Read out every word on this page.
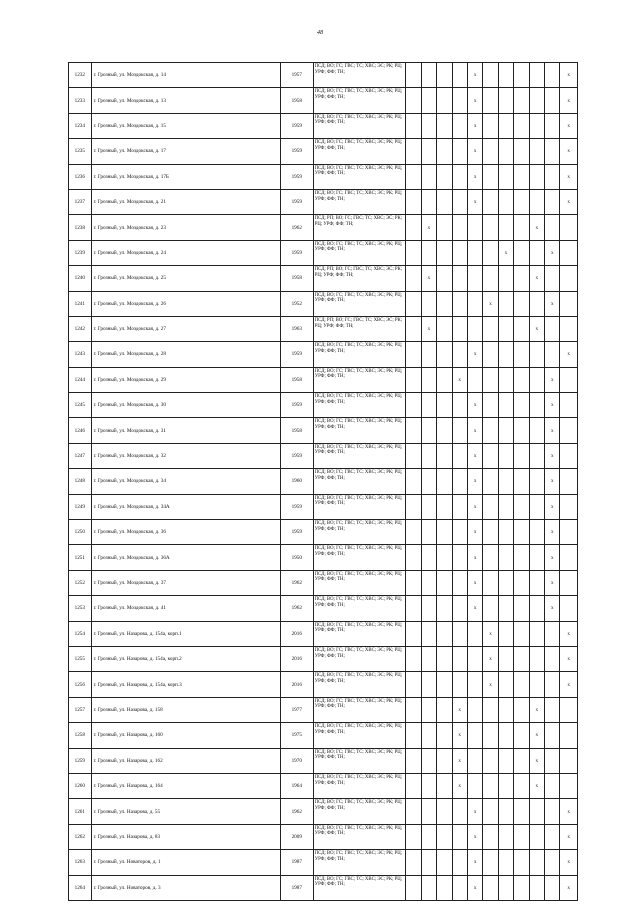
48
1232	г. Грозный, ул. Моздокская, д. 14	1957	ПСД; ВО; ГС; ГВС; ТС; ХВС; ЭС; РК; РЦ; УРФ; ФФ; ТН;					x						x
1233	г. Грозный, ул. Моздокская, д. 13	1958	ПСД; ВО; ГС; ГВС; ТС; ХВС; ЭС; РК; РЦ; УРФ; ФФ; ТН;					x						x
1234	г. Грозный, ул. Моздокская, д. 15	1959	ПСД; ВО; ГС; ГВС; ТС; ХВС; ЭС; РК; РЦ; УРФ; ФФ; ТН;					x						x
1235	г. Грозный, ул. Моздокская, д. 17	1959	ПСД; ВО; ГС; ГВС; ТС; ХВС; ЭС; РК; РЦ; УРФ; ФФ; ТН;					x						x
1236	г. Грозный, ул. Моздокская, д. 17Б	1959	ПСД; ВО; ГС; ГВС; ТС; ХВС; ЭС; РК; РЦ; УРФ; ФФ; ТН;					x						x
1237	г. Грозный, ул. Моздокская, д. 21	1959	ПСД; ВО; ГС; ГВС; ТС; ХВС; ЭС; РК; РЦ; УРФ; ФФ; ТН;					x						x
1238	г. Грозный, ул. Моздокская, д. 23	1962	ПСД; РП; ВО; ГС; ГВС; ТС; ХВС; ЭС; РК; РЦ; УРФ; ФФ; ТН;		x							x		
1239	г. Грозный, ул. Моздокская, д. 24	1959	ПСД; ВО; ГС; ГВС; ТС; ХВС; ЭС; РК; РЦ; УРФ; ФФ; ТН;							x			x	
1240	г. Грозный, ул. Моздокская, д. 25	1958	ПСД; РП; ВО; ГС; ГВС; ТС; ХВС; ЭС; РК; РЦ; УРФ; ФФ; ТН;		x							x		
1241	г. Грозный, ул. Моздокская, д. 26	1952	ПСД; ВО; ГС; ГВС; ТС; ХВС; ЭС; РК; РЦ; УРФ; ФФ; ТН;						x				x	
1242	г. Грозный, ул. Моздокская, д. 27	1963	ПСД; РП; ВО; ГС; ГВС; ТС; ХВС; ЭС; РК; РЦ; УРФ; ФФ; ТН;		x							x		
1243	г. Грозный, ул. Моздокская, д. 28	1959	ПСД; ВО; ГС; ГВС; ТС; ХВС; ЭС; РК; РЦ; УРФ; ФФ; ТН;					x						x
1244	г. Грозный, ул. Моздокская, д. 29	1958	ПСД; ВО; ГС; ГВС; ТС; ХВС; ЭС; РК; РЦ; УРФ; ФФ; ТН;				x						x	
1245	г. Грозный, ул. Моздокская, д. 30	1959	ПСД; ВО; ГС; ГВС; ТС; ХВС; ЭС; РК; РЦ; УРФ; ФФ; ТН;					x					x	
1246	г. Грозный, ул. Моздокская, д. 31	1958	ПСД; ВО; ГС; ГВС; ТС; ХВС; ЭС; РК; РЦ; УРФ; ФФ; ТН;					x					x	
1247	г. Грозный, ул. Моздокская, д. 32	1959	ПСД; ВО; ГС; ГВС; ТС; ХВС; ЭС; РК; РЦ; УРФ; ФФ; ТН;					x					x	
1248	г. Грозный, ул. Моздокская, д. 34	1960	ПСД; ВО; ГС; ГВС; ТС; ХВС; ЭС; РК; РЦ; УРФ; ФФ; ТН;					x					x	
1249	г. Грозный, ул. Моздокская, д. 34А	1959	ПСД; ВО; ГС; ГВС; ТС; ХВС; ЭС; РК; РЦ; УРФ; ФФ; ТН;					x					x	
1250	г. Грозный, ул. Моздокская, д. 36	1959	ПСД; ВО; ГС; ГВС; ТС; ХВС; ЭС; РК; РЦ; УРФ; ФФ; ТН;					x					x	
1251	г. Грозный, ул. Моздокская, д. 36А	1950	ПСД; ВО; ГС; ГВС; ТС; ХВС; ЭС; РК; РЦ; УРФ; ФФ; ТН;					x					x	
1252	г. Грозный, ул. Моздокская, д. 37	1962	ПСД; ВО; ГС; ГВС; ТС; ХВС; ЭС; РК; РЦ; УРФ; ФФ; ТН;					x					x	
1253	г. Грозный, ул. Моздокская, д. 41	1962	ПСД; ВО; ГС; ГВС; ТС; ХВС; ЭС; РК; РЦ; УРФ; ФФ; ТН;					x					x	
1254	г. Грозный, ул. Назарова, д. 154а, корп.1	2016	ПСД; ВО; ГС; ГВС; ТС; ХВС; ЭС; РК; РЦ; УРФ; ФФ; ТН;						x					x
1255	г. Грозный, ул. Назарова, д. 154а, корп.2	2016	ПСД; ВО; ГС; ГВС; ТС; ХВС; ЭС; РК; РЦ; УРФ; ФФ; ТН;						x					x
1256	г. Грозный, ул. Назарова, д. 154а, корп.3	2016	ПСД; ВО; ГС; ГВС; ТС; ХВС; ЭС; РК; РЦ; УРФ; ФФ; ТН;						x					x
1257	г. Грозный, ул. Назарова, д. 158	1977	ПСД; ВО; ГС; ГВС; ТС; ХВС; ЭС; РК; РЦ; УРФ; ФФ; ТН;				x					x		
1258	г. Грозный, ул. Назарова, д. 160	1975	ПСД; ВО; ГС; ГВС; ТС; ХВС; ЭС; РК; РЦ; УРФ; ФФ; ТН;				x					x		
1259	г. Грозный, ул. Назарова, д. 162	1970	ПСД; ВО; ГС; ГВС; ТС; ХВС; ЭС; РК; РЦ; УРФ; ФФ; ТН;				x					x		
1260	г. Грозный, ул. Назарова, д. 164	1964	ПСД; ВО; ГС; ГВС; ТС; ХВС; ЭС; РК; РЦ; УРФ; ФФ; ТН;				x					x		
1261	г. Грозный, ул. Назарова, д. 55	1962	ПСД; ВО; ГС; ГВС; ТС; ХВС; ЭС; РК; РЦ; УРФ; ФФ; ТН;					x						x
1262	г. Грозный, ул. Назарова, д. 83	2009	ПСД; ВО; ГС; ГВС; ТС; ХВС; ЭС; РК; РЦ; УРФ; ФФ; ТН;					x						x
1263	г. Грозный, ул. Новаторов, д. 1	1987	ПСД; ВО; ГС; ГВС; ТС; ХВС; ЭС; РК; РЦ; УРФ; ФФ; ТН;					x						x
1264	г. Грозный, ул. Новаторов, д. 3	1987	ПСД; ВО; ГС; ГВС; ТС; ХВС; ЭС; РК; РЦ; УРФ; ФФ; ТН;					x						x
